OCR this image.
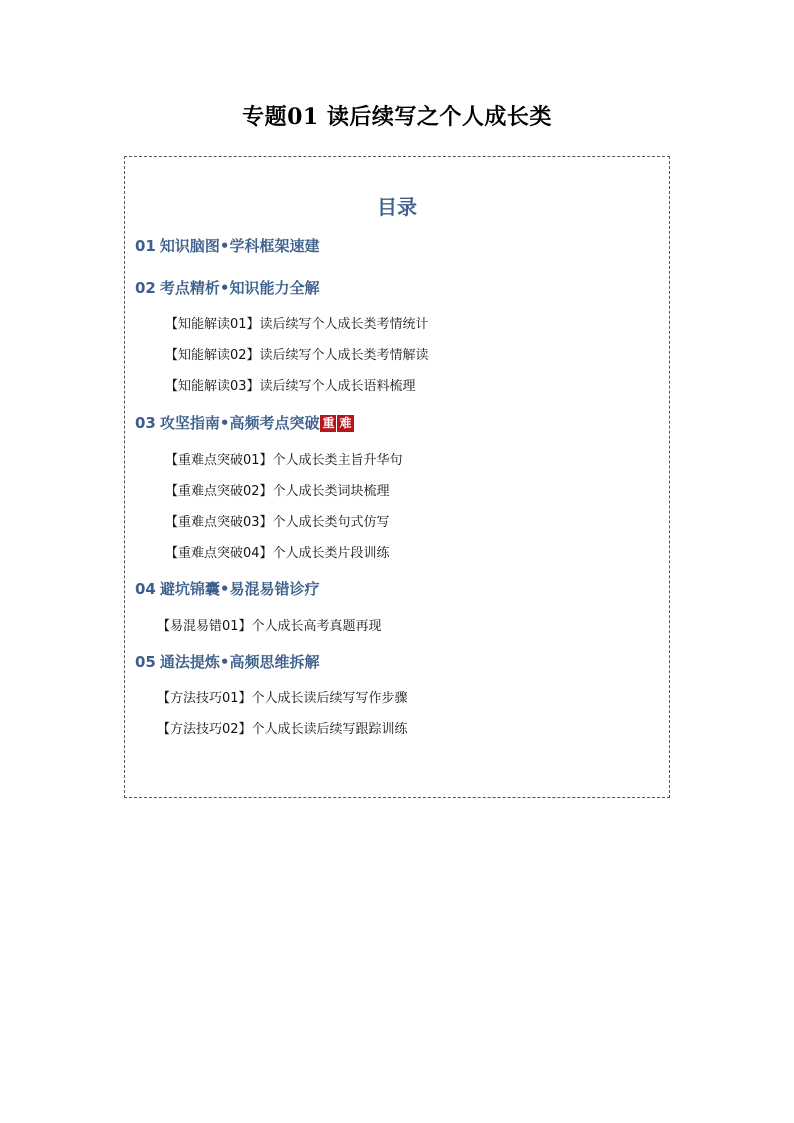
专题01 读后续写之个人成长类
目录
01 知识脑图•学科框架速建
02 考点精析•知识能力全解
【知能解读01】读后续写个人成长类考情统计
【知能解读02】读后续写个人成长类考情解读
【知能解读03】读后续写个人成长语料梳理
03 攻坚指南•高频考点突破 重 难
【重难点突破01】个人成长类主旨升华句
【重难点突破02】个人成长类词块梳理
【重难点突破03】个人成长类句式仿写
【重难点突破04】个人成长类片段训练
04 避坑锦囊•易混易错诊疗
【易混易错01】个人成长高考真题再现
05 通法提炼•高频思维拆解
【方法技巧01】个人成长读后续写写作步骤
【方法技巧02】个人成长读后续写跟踪训练
